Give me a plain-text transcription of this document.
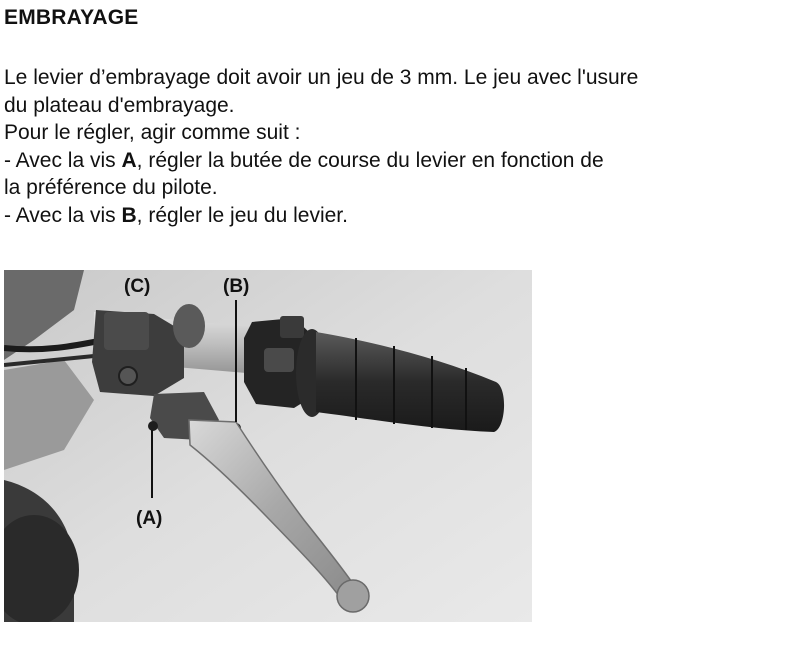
EMBRAYAGE
Le levier d’embrayage doit avoir un jeu de 3 mm. Le jeu avec l'usure
du plateau d'embrayage.
Pour le régler, agir comme suit :
- Avec la vis A, régler la butée de course du levier en fonction de
la préférence du pilote.
- Avec la vis B, régler le jeu du levier.
(C)	(B)
(A)
